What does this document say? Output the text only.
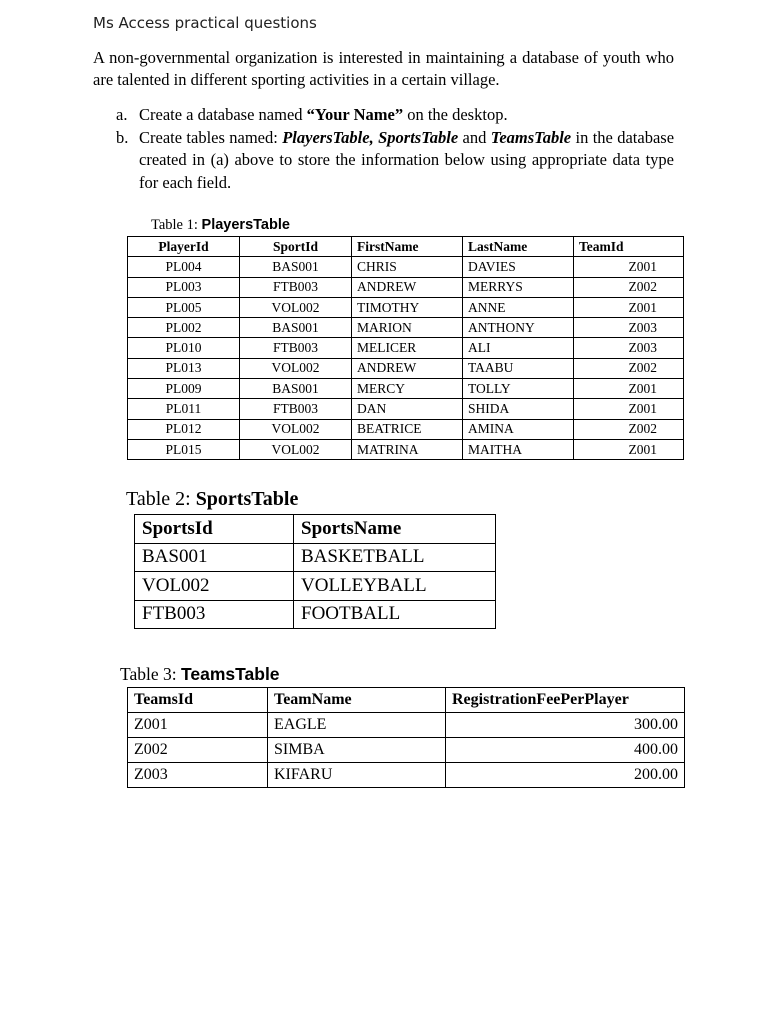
Ms Access practical questions
A non-governmental organization is interested in maintaining a database of youth who are talented in different sporting activities in a certain village.
a. Create a database named “Your Name” on the desktop.
b. Create tables named: PlayersTable, SportsTable and TeamsTable in the database created in (a) above to store the information below using appropriate data type for each field.
Table 1: PlayersTable
PlayerId	SportId	FirstName	LastName	TeamId
PL004	BAS001	CHRIS	DAVIES	Z001
PL003	FTB003	ANDREW	MERRYS	Z002
PL005	VOL002	TIMOTHY	ANNE	Z001
PL002	BAS001	MARION	ANTHONY	Z003
PL010	FTB003	MELICER	ALI	Z003
PL013	VOL002	ANDREW	TAABU	Z002
PL009	BAS001	MERCY	TOLLY	Z001
PL011	FTB003	DAN	SHIDA	Z001
PL012	VOL002	BEATRICE	AMINA	Z002
PL015	VOL002	MATRINA	MAITHA	Z001
Table 2: SportsTable
SportsId	SportsName
BAS001	BASKETBALL
VOL002	VOLLEYBALL
FTB003	FOOTBALL
Table 3: TeamsTable
TeamsId	TeamName	RegistrationFeePerPlayer
Z001	EAGLE	300.00
Z002	SIMBA	400.00
Z003	KIFARU	200.00
